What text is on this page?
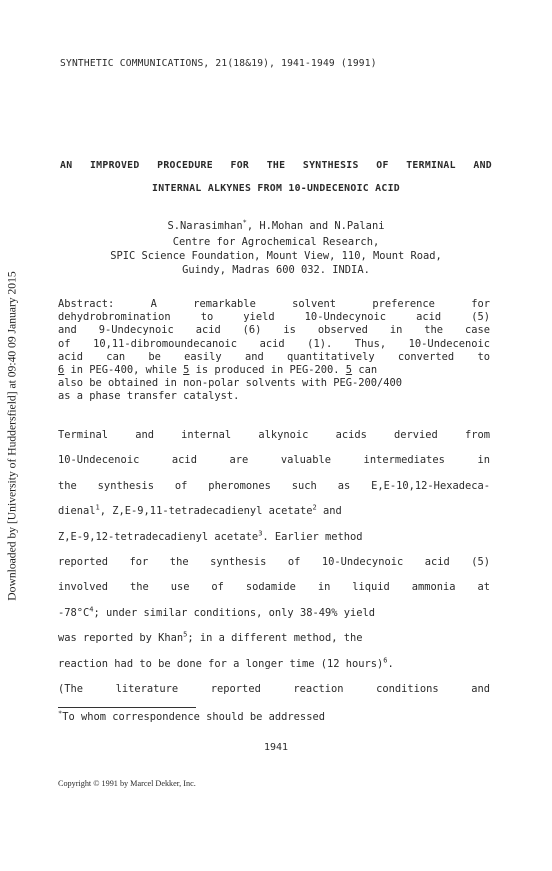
Downloaded by [University of Huddersfield] at 09:40 09 January 2015
SYNTHETIC COMMUNICATIONS, 21(18&19), 1941-1949 (1991)
AN IMPROVED PROCEDURE FOR THE SYNTHESIS OF TERMINAL AND
INTERNAL ALKYNES FROM 10-UNDECENOIC ACID
S.Narasimhan*, H.Mohan and N.Palani
Centre for Agrochemical Research,
SPIC Science Foundation, Mount View, 110, Mount Road,
Guindy, Madras 600 032. INDIA.
Abstract: A remarkable solvent preference for
dehydrobromination to yield 10-Undecynoic acid (5)
and 9-Undecynoic acid (6) is observed in the case
of 10,11-dibromoundecanoic acid (1). Thus, 10-Undecenoic
acid can be easily and quantitatively converted to
6 in PEG-400, while 5 is produced in PEG-200. 5 can
also be obtained in non-polar solvents with PEG-200/400
as a phase transfer catalyst.
Terminal and internal alkynoic acids dervied from
10-Undecenoic acid are valuable intermediates in
the synthesis of pheromones such as E,E-10,12-Hexadeca-
dienal$^1$, Z,E-9,11-tetradecadienyl acetate$^2$ and
Z,E-9,12-tetradecadienyl acetate$^3$. Earlier method
reported for the synthesis of 10-Undecynoic acid (5)
involved the use of sodamide in liquid ammonia at
$-78^\circ C^4$; under similar conditions, only 38-49% yield
was reported by Khan$^5$; in a different method, the
reaction had to be done for a longer time (12 hours)$^6$.
(The literature reported reaction conditions and
*To whom correspondence should be addressed
1941
Copyright © 1991 by Marcel Dekker, Inc.
